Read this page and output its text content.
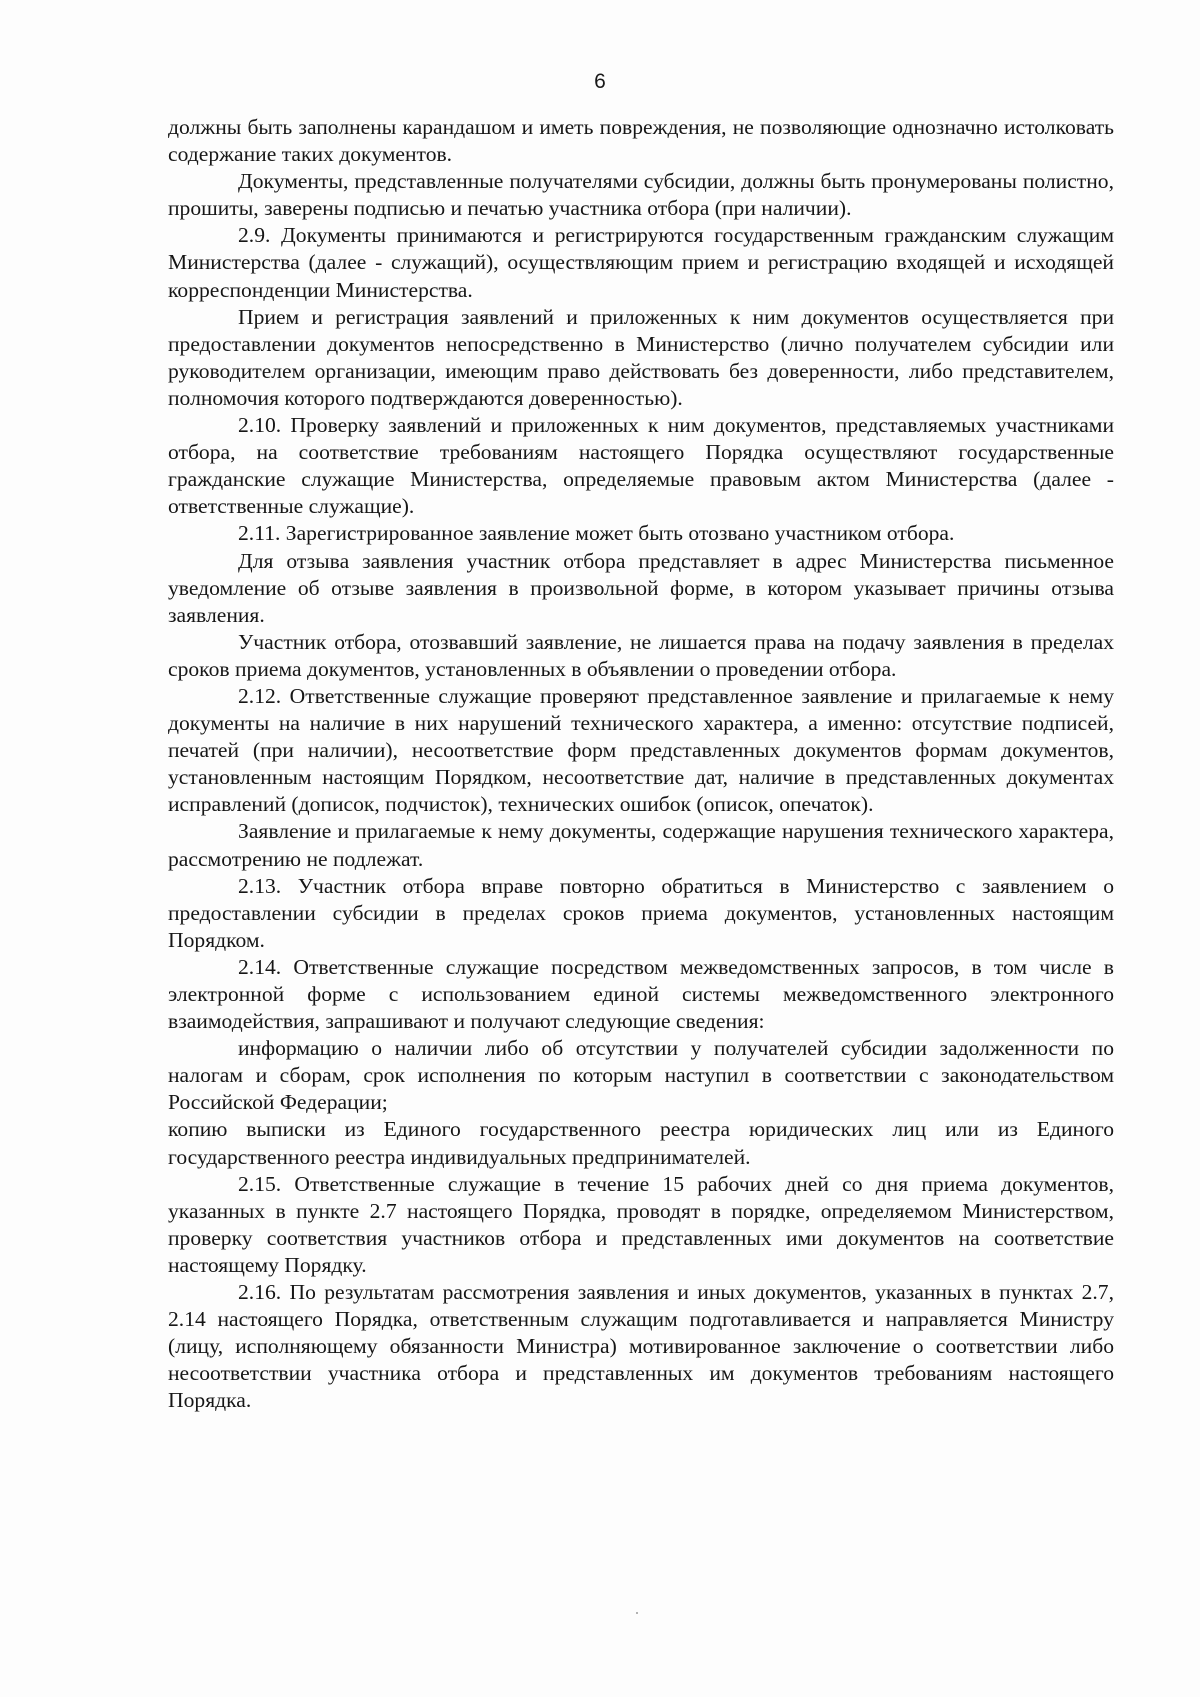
6

должны быть заполнены карандашом и иметь повреждения, не позволяющие однозначно истолковать содержание таких документов.

Документы, представленные получателями субсидии, должны быть пронумерованы полистно, прошиты, заверены подписью и печатью участника отбора (при наличии).

2.9. Документы принимаются и регистрируются государственным гражданским служащим Министерства (далее - служащий), осуществляющим прием и регистрацию входящей и исходящей корреспонденции Министерства.

Прием и регистрация заявлений и приложенных к ним документов осуществляется при предоставлении документов непосредственно в Министерство (лично получателем субсидии или руководителем организации, имеющим право действовать без доверенности, либо представителем, полномочия которого подтверждаются доверенностью).

2.10. Проверку заявлений и приложенных к ним документов, представляемых участниками отбора, на соответствие требованиям настоящего Порядка осуществляют государственные гражданские служащие Министерства, определяемые правовым актом Министерства (далее - ответственные служащие).

2.11. Зарегистрированное заявление может быть отозвано участником отбора.

Для отзыва заявления участник отбора представляет в адрес Министерства письменное уведомление об отзыве заявления в произвольной форме, в котором указывает причины отзыва заявления.

Участник отбора, отозвавший заявление, не лишается права на подачу заявления в пределах сроков приема документов, установленных в объявлении о проведении отбора.

2.12. Ответственные служащие проверяют представленное заявление и прилагаемые к нему документы на наличие в них нарушений технического характера, а именно: отсутствие подписей, печатей (при наличии), несоответствие форм представленных документов формам документов, установленным настоящим Порядком, несоответствие дат, наличие в представленных документах исправлений (дописок, подчисток), технических ошибок (описок, опечаток).

Заявление и прилагаемые к нему документы, содержащие нарушения технического характера, рассмотрению не подлежат.

2.13. Участник отбора вправе повторно обратиться в Министерство с заявлением о предоставлении субсидии в пределах сроков приема документов, установленных настоящим Порядком.

2.14. Ответственные служащие посредством межведомственных запросов, в том числе в электронной форме с использованием единой системы межведомственного электронного взаимодействия, запрашивают и получают следующие сведения:

информацию о наличии либо об отсутствии у получателей субсидии задолженности по налогам и сборам, срок исполнения по которым наступил в соответствии с законодательством Российской Федерации;

копию выписки из Единого государственного реестра юридических лиц или из Единого государственного реестра индивидуальных предпринимателей.

2.15. Ответственные служащие в течение 15 рабочих дней со дня приема документов, указанных в пункте 2.7 настоящего Порядка, проводят в порядке, определяемом Министерством, проверку соответствия участников отбора и представленных ими документов на соответствие настоящему Порядку.

2.16. По результатам рассмотрения заявления и иных документов, указанных в пунктах 2.7, 2.14 настоящего Порядка, ответственным служащим подготавливается и направляется Министру (лицу, исполняющему обязанности Министра) мотивированное заключение о соответствии либо несоответствии участника отбора и представленных им документов требованиям настоящего Порядка.
